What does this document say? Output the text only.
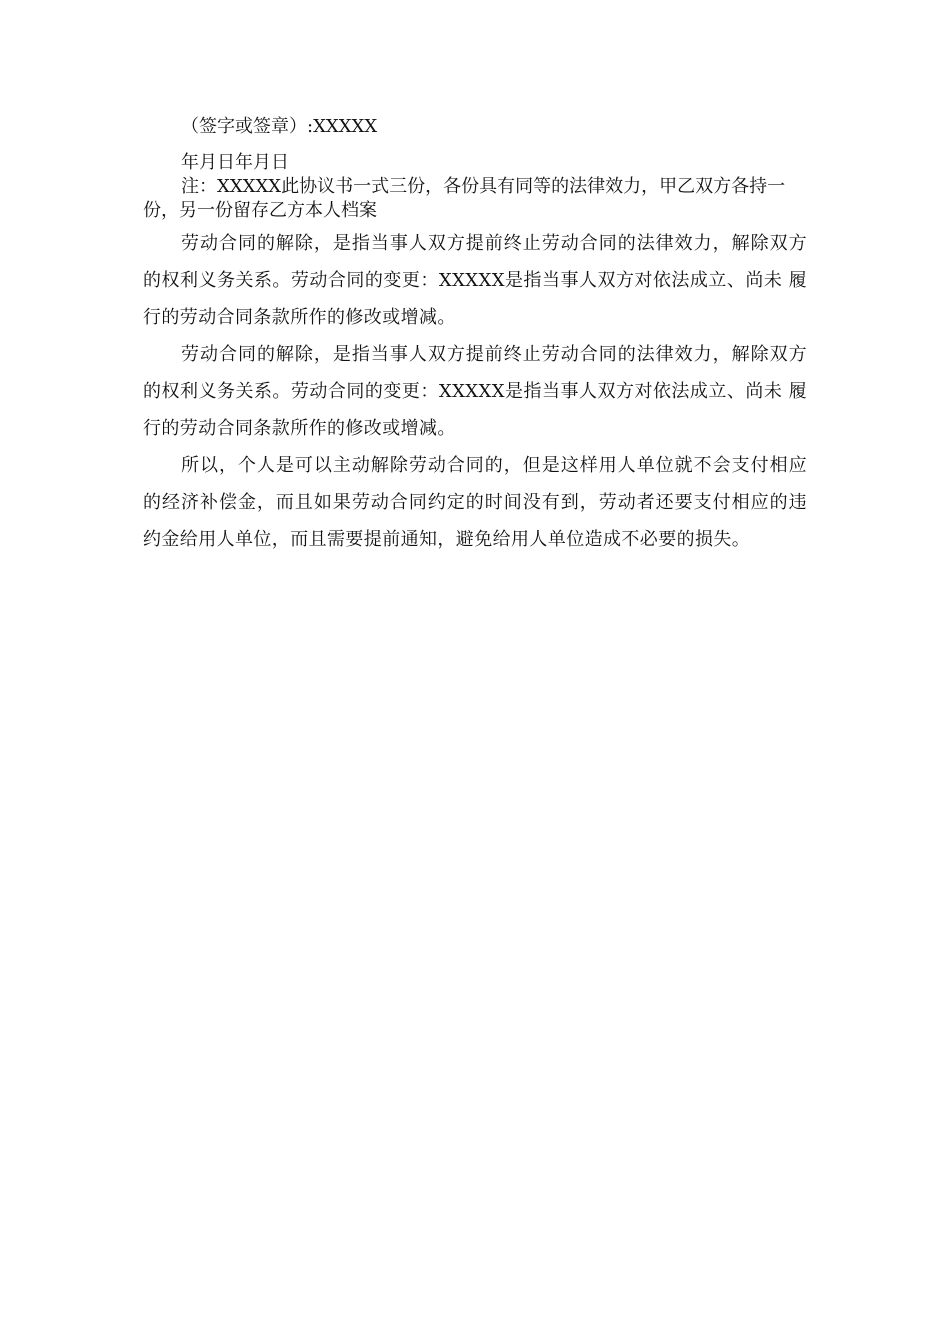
（签字或签章）:XXXXX

年月日年月日

注：XXXXX此协议书一式三份，各份具有同等的法律效力，甲乙双方各持一份，另一份留存乙方本人档案

劳动合同的解除，是指当事人双方提前终止劳动合同的法律效力，解除双方 的权利义务关系。劳动合同的变更：XXXXX是指当事人双方对依法成立、尚未 履行的劳动合同条款所作的修改或增减。

劳动合同的解除，是指当事人双方提前终止劳动合同的法律效力，解除双方 的权利义务关系。劳动合同的变更：XXXXX是指当事人双方对依法成立、尚未 履行的劳动合同条款所作的修改或增减。

所以，个人是可以主动解除劳动合同的，但是这样用人单位就不会支付相应 的经济补偿金，而且如果劳动合同约定的时间没有到，劳动者还要支付相应的违 约金给用人单位，而且需要提前通知，避免给用人单位造成不必要的损失。
